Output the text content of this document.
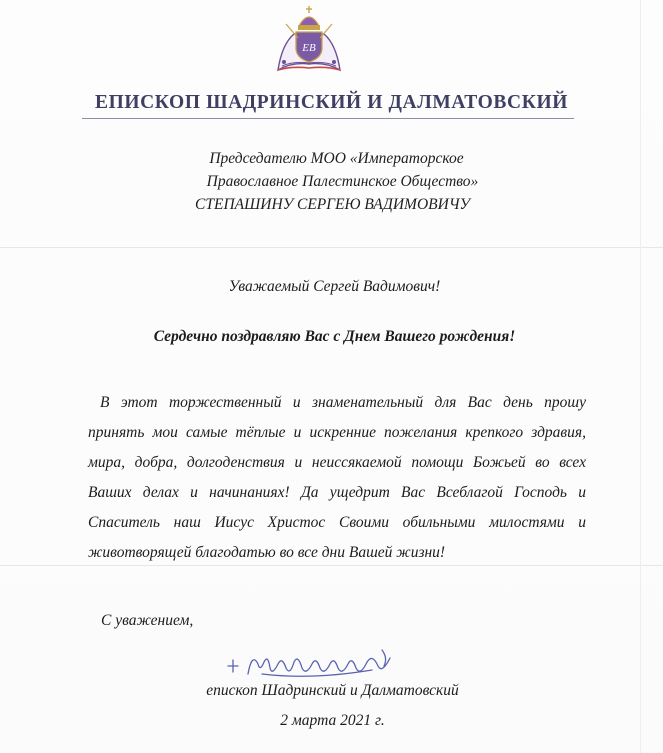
ЕВ
ЕПИСКОП ШАДРИНСКИЙ И ДАЛМАТОВСКИЙ
Председателю МОО «Императорское
Православное Палестинское Общество»
СТЕПАШИНУ СЕРГЕЮ ВАДИМОВИЧУ
Уважаемый Сергей Вадимович!
Сердечно поздравляю Вас с Днем Вашего рождения!
В этот торжественный и знаменательный для Вас день прошу
принять мои самые тёплые и искренние пожелания крепкого здравия,
мира, добра, долгоденствия и неиссякаемой помощи Божьей во всех
Ваших делах и начинаниях! Да ущедрит Вас Всеблагой Господь и
Спаситель наш Иисус Христос Своими обильными милостями и
животворящей благодатью во все дни Вашей жизни!
С уважением,
епископ Шадринский и Далматовский
2 марта 2021 г.
